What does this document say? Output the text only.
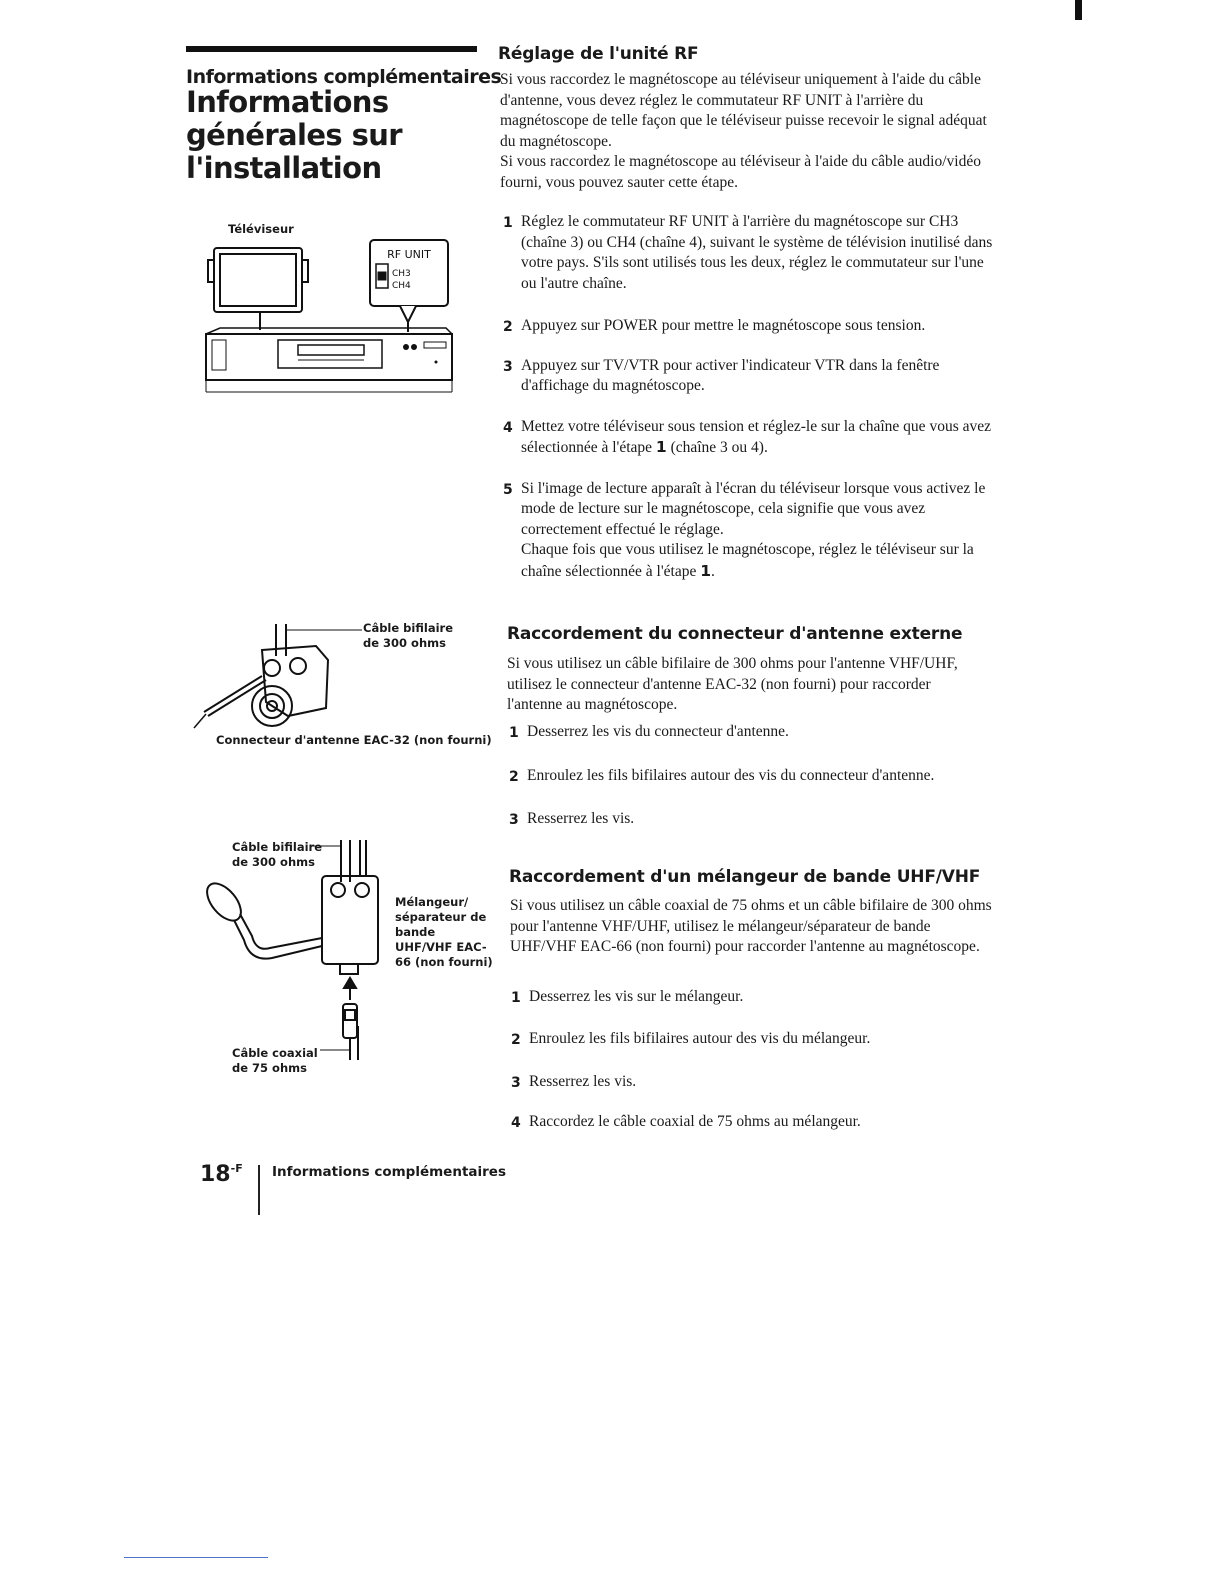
Informations complémentaires
Informations générales sur l'installation
Téléviseur
RF UNIT
CH3
CH4
Câble bifilaire de 300 ohms
Connecteur d'antenne EAC-32 (non fourni)
Câble bifilaire de 300 ohms
Mélangeur/ séparateur de bande UHF/VHF EAC-66 (non fourni)
Câble coaxial de 75 ohms
Réglage de l'unité RF

Si vous raccordez le magnétoscope au téléviseur uniquement à l'aide du câble d'antenne, vous devez réglez le commutateur RF UNIT à l'arrière du magnétoscope de telle façon que le téléviseur puisse recevoir le signal adéquat du magnétoscope.

Si vous raccordez le magnétoscope au téléviseur à l'aide du câble audio/vidéo fourni, vous pouvez sauter cette étape.

1 Réglez le commutateur RF UNIT à l'arrière du magnétoscope sur CH3 (chaîne 3) ou CH4 (chaîne 4), suivant le système de télévision inutilisé dans votre pays. S'ils sont utilisés tous les deux, réglez le commutateur sur l'une ou l'autre chaîne.
2 Appuyez sur POWER pour mettre le magnétoscope sous tension.
3 Appuyez sur TV/VTR pour activer l'indicateur VTR dans la fenêtre d'affichage du magnétoscope.
4 Mettez votre téléviseur sous tension et réglez-le sur la chaîne que vous avez sélectionnée à l'étape 1 (chaîne 3 ou 4).
5 Si l'image de lecture apparaît à l'écran du téléviseur lorsque vous activez le mode de lecture sur le magnétoscope, cela signifie que vous avez correctement effectué le réglage.

Chaque fois que vous utilisez le magnétoscope, réglez le téléviseur sur la chaîne sélectionnée à l'étape 1.

Raccordement du connecteur d'antenne externe
Si vous utilisez un câble bifilaire de 300 ohms pour l'antenne VHF/UHF, utilisez le connecteur d'antenne EAC-32 (non fourni) pour raccorder l'antenne au magnétoscope.
1 Desserrez les vis du connecteur d'antenne.
2 Enroulez les fils bifilaires autour des vis du connecteur d'antenne.
3 Resserrez les vis.
Raccordement d'un mélangeur de bande UHF/VHF
Si vous utilisez un câble coaxial de 75 ohms et un câble bifilaire de 300 ohms pour l'antenne VHF/UHF, utilisez le mélangeur/séparateur de bande UHF/VHF EAC-66 (non fourni) pour raccorder l'antenne au magnétoscope.
1 Desserrez les vis sur le mélangeur.
2 Enroulez les fils bifilaires autour des vis du mélangeur.
3 Resserrez les vis.
4 Raccordez le câble coaxial de 75 ohms au mélangeur.
$18^{-F}$ Informations complémentaires
